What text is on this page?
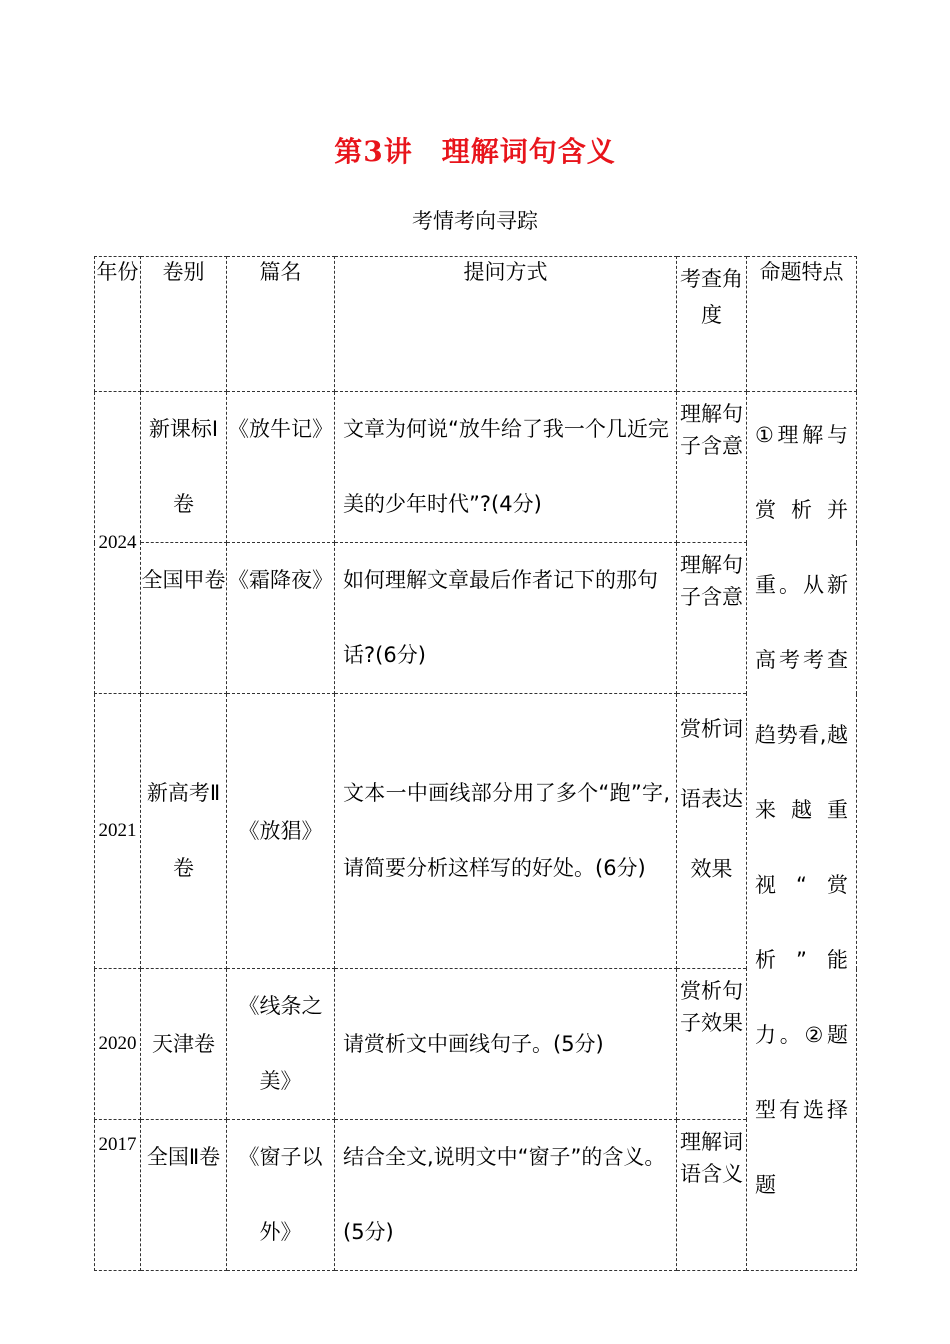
第3讲　理解词句含义
考情考向寻踪
年份	卷别	篇名	提问方式	考查角度	命题特点
2024	新课标Ⅰ卷	《放牛记》	文章为何说“放牛给了我一个几近完美的少年时代”?(4分)	理解句子含意	①理解与赏析并重。从新高考考查趋势看,越来越重视“赏析”能力。②题型有选择题
	全国甲卷	《霜降夜》	如何理解文章最后作者记下的那句话?(6分)	理解句子含意	
2021	新高考Ⅱ卷	《放猖》	文本一中画线部分用了多个“跑”字,请简要分析这样写的好处。(6分)	赏析词语表达效果	
2020	天津卷	《线条之美》	请赏析文中画线句子。(5分)	赏析句子效果	
2017	全国Ⅱ卷	《窗子以外》	结合全文,说明文中“窗子”的含义。(5分)	理解词语含义	
